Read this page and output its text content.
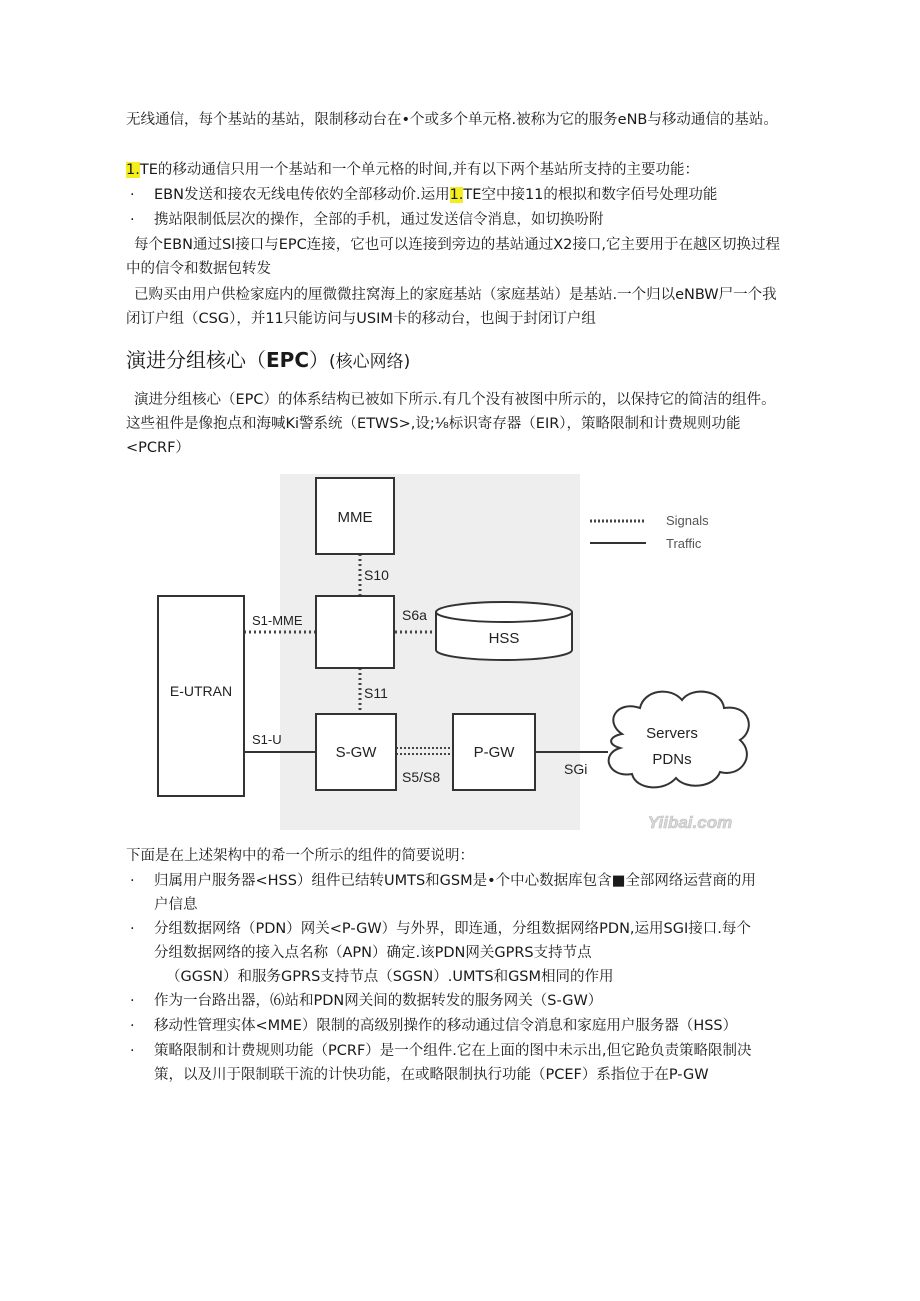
无线通信，每个基站的基站，限制移动台在•个或多个单元格.被称为它的服务eNB与移动通信的基站。

1.TE的移动通信只用一个基站和一个单元格的时间,并有以下两个基站所支持的主要功能：

· EBN发送和接农无线电传依妁全部移动价.运用1.TE空中接11的根拟和数字佰号处理功能
· 携站限制低层次的操作，全部的手机，通过发送信令消息，如切换吩附

每个EBN通过Sl接口与EPC连接，它也可以连接到旁边的基站通过X2接口,它主要用于在越区切换过程中的信令和数据包转发

已购买由用户供检家庭内的厘微微拄窝海上的家庭基站（家庭基站）是基站.一个归以eNBW尸一个我闭订户组（CSG），并11只能访问与USIM卡的移动台，也闽于封闭订户组

演进分组核心（EPC）(核心网络)

演进分组核心（EPC）的体系结构已被如下所示.有几个没有被图中所示的，以保持它的简洁的组件。这些祖件是像抱点和海喊Ki警系统（ETWS>,设;⅛标识寄存器（EIR），策略限制和计费规则功能<PCRF）

MME
E-UTRAN
S-GW	P-GW
HSS
Servers
PDNs
S10
S1-MME	S6a
S11
S1-U
S5/S8	SGi
Signals
Traffic
Yiibai.com

下面是在上述架构中的希一个所示的组件的简要说明：

· 归属用户服务器<HSS）组件已结转UMTS和GSM是•个中心数据库包含■全部网络运营商的用
户信息
· 分组数据网络（PDN）网关<P-GW）与外界，即连通，分组数据网络PDN,运用SGI接口.每个
分组数据网络的接入点名称（APN）确定.该PDN网关GPRS支持节点
（GGSN）和服务GPRS支持节点（SGSN）.UMTS和GSM相同的作用
· 作为一台路出器，⑹站和PDN网关间的数据转发的服务网关（S-GW）
· 移动性管理实体<MME）限制的高级别操作的移动通过信令消息和家庭用户服务器（HSS）
· 策略限制和计费规则功能（PCRF）是一个组件.它在上面的图中未示出,但它跄负责策略限制决
策，以及川于限制联干流的计快功能，在或略限制执行功能（PCEF）系指位于在P-GW
